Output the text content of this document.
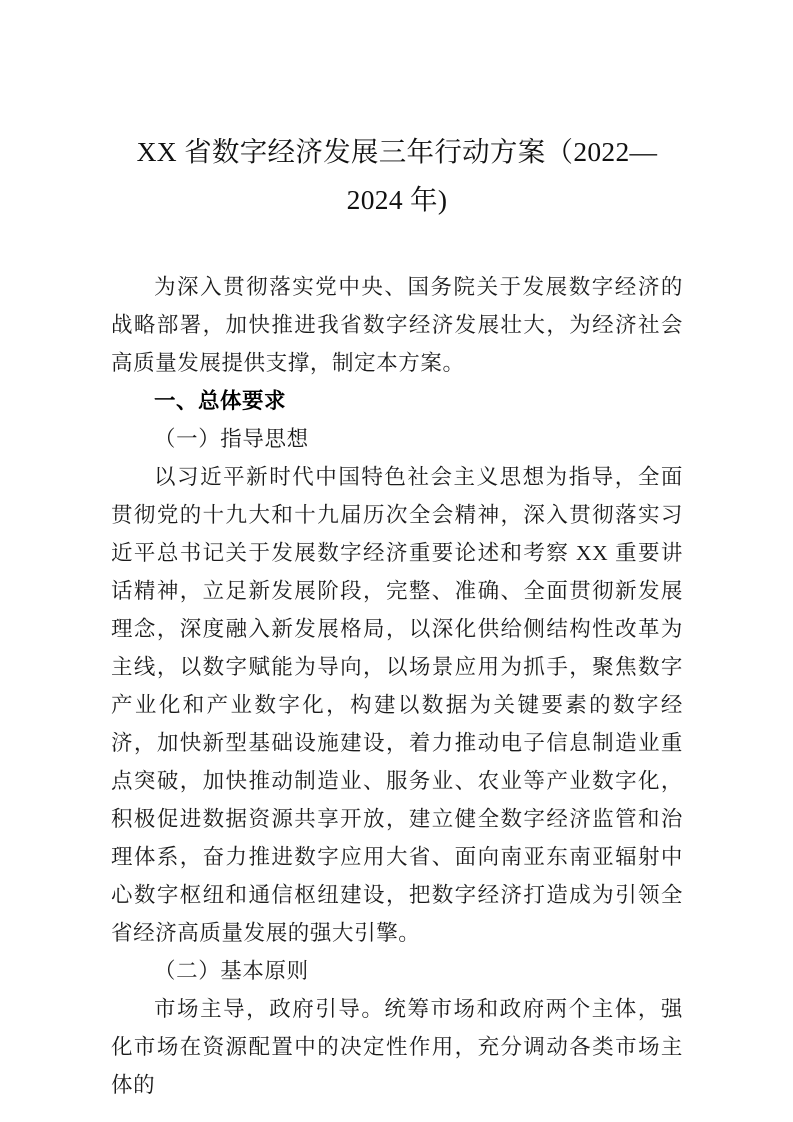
XX 省数字经济发展三年行动方案（2022—
2024 年)

为深入贯彻落实党中央、国务院关于发展数字经济的战略部署，加快推进我省数字经济发展壮大，为经济社会高质量发展提供支撑，制定本方案。

一、总体要求

（一）指导思想

以习近平新时代中国特色社会主义思想为指导，全面贯彻党的十九大和十九届历次全会精神，深入贯彻落实习近平总书记关于发展数字经济重要论述和考察 XX 重要讲话精神，立足新发展阶段，完整、准确、全面贯彻新发展理念，深度融入新发展格局，以深化供给侧结构性改革为主线，以数字赋能为导向，以场景应用为抓手，聚焦数字产业化和产业数字化，构建以数据为关键要素的数字经济，加快新型基础设施建设，着力推动电子信息制造业重点突破，加快推动制造业、服务业、农业等产业数字化，积极促进数据资源共享开放，建立健全数字经济监管和治理体系，奋力推进数字应用大省、面向南亚东南亚辐射中心数字枢纽和通信枢纽建设，把数字经济打造成为引领全省经济高质量发展的强大引擎。

（二）基本原则

市场主导，政府引导。统筹市场和政府两个主体，强化市场在资源配置中的决定性作用，充分调动各类市场主体的
